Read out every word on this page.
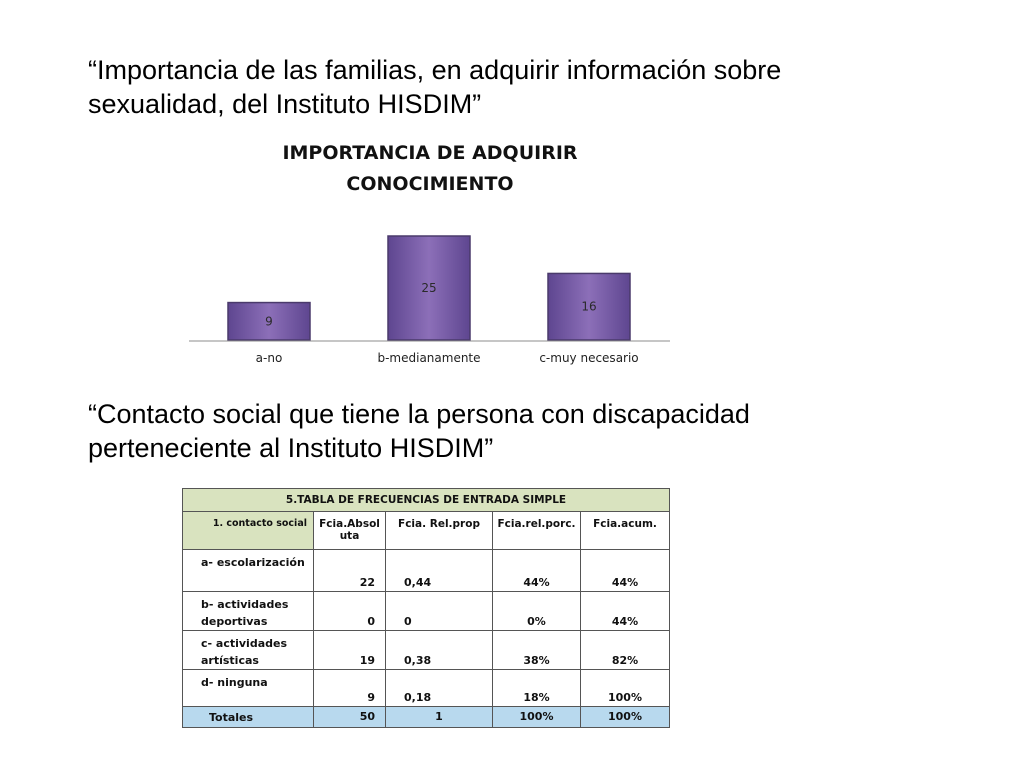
“Importancia de las familias, en adquirir información sobre sexualidad, del Instituto HISDIM”

IMPORTANCIA DE ADQUIRIR
CONOCIMIENTO
9
25
16
a-no	b-medianamente	c-muy necesario

“Contacto social que tiene la persona con discapacidad perteneciente al Instituto HISDIM”

5.TABLA DE FRECUENCIAS DE ENTRADA SIMPLE				
1. contacto social	Fcia.Absol uta	Fcia. Rel.prop	Fcia.rel.porc.	Fcia.acum.
a- escolarización	22	0,44	44%	44%
b- actividades deportivas	0	0	0%	44%
c- actividades artísticas	19	0,38	38%	82%
d- ninguna	9	0,18	18%	100%
Totales	50	1	100%	100%
